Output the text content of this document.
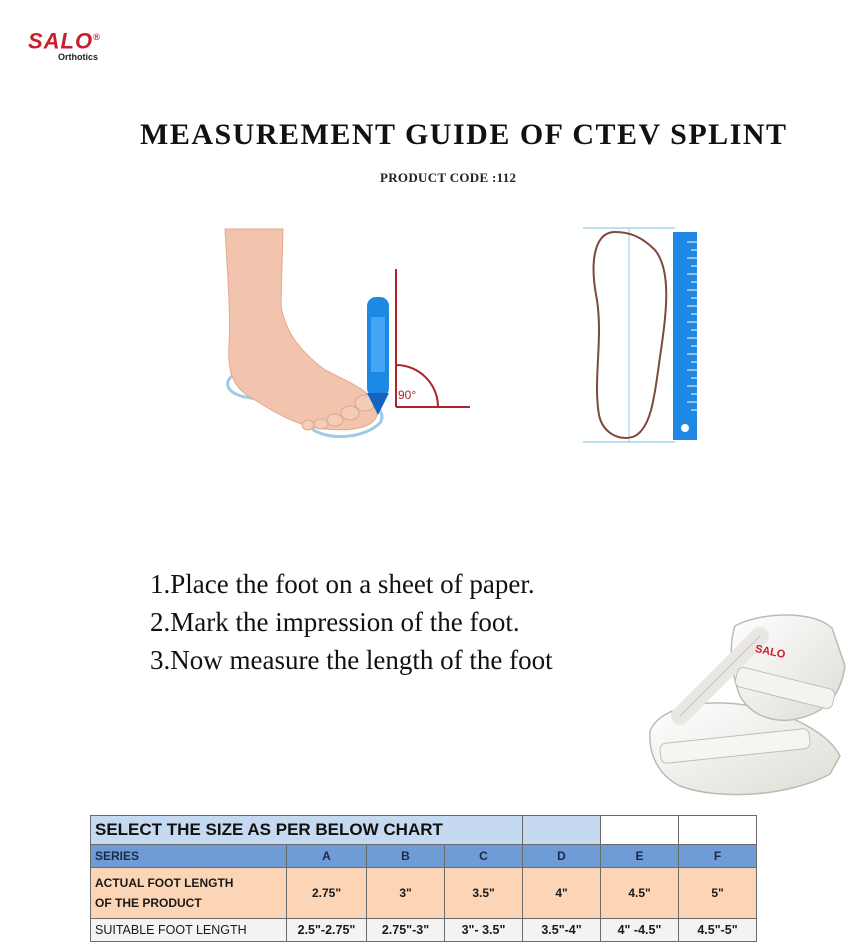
SALO®
Orthotics
MEASUREMENT GUIDE OF CTEV SPLINT
PRODUCT CODE :112
90°
1.Place the foot on a sheet of paper.
2.Mark the impression of the foot.
3.Now measure the length of the foot	SALO
SELECT THE SIZE AS PER BELOW CHART						
SERIES	A	B	C	D	E	F

ACTUAL FOOT LENGTH
OF THE PRODUCT	2.75"	3"	3.5"	4"	4.5"	5"
SUITABLE FOOT LENGTH	2.5"-2.75"	2.75"-3"	3"- 3.5"	3.5"-4"	4" -4.5"	4.5"-5"
